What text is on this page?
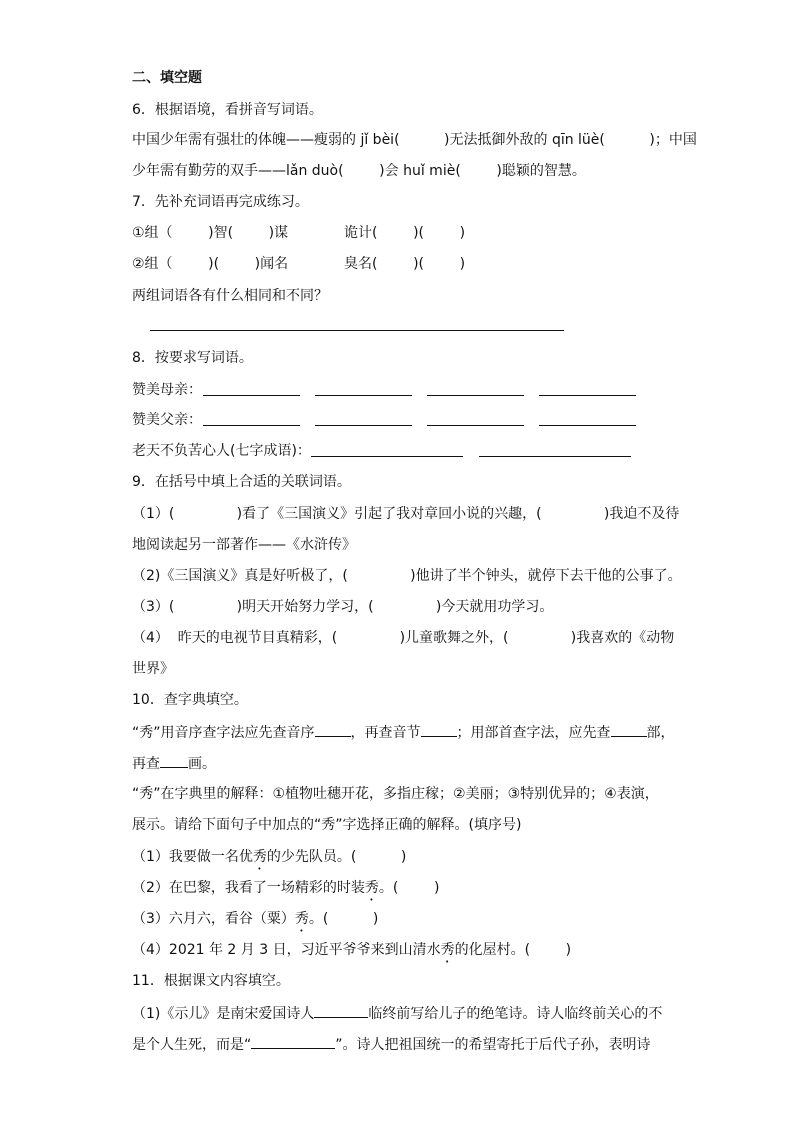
二、填空题
6．根据语境，看拼音写词语。
中国少年需有强壮的体魄——瘦弱的 jǐ bèi(          )无法抵御外敌的 qīn lüè(          )；中国
少年需有勤劳的双手——lǎn duò(        )会 huǐ miè(        )聪颖的智慧。
7．先补充词语再完成练习。
①组（        )智(        )谋	诡计(        )(        )
②组（        )(        )闻名	臭名(        )(        )
两组词语各有什么相同和不同？
8．按要求写词语。
赞美母亲：
赞美父亲：
老天不负苦心人(七字成语)：
9．在括号中填上合适的关联词语。
（1）(              )看了《三国演义》引起了我对章回小说的兴趣，(              )我迫不及待
地阅读起另一部著作——《水浒传》
（2)《三国演义》真是好听极了，(              )他讲了半个钟头，就停下去干他的公事了。
（3）(              )明天开始努力学习，(              )今天就用功学习。
（4）  昨天的电视节目真精彩，(              )儿童歌舞之外，(              )我喜欢的《动物
世界》
10．查字典填空。
“秀”用音序查字法应先查音序	，再查音节	；用部首查字法，应先查	部，
再查 画。
“秀”在字典里的解释：①植物吐穗开花，多指庄稼；②美丽；③特别优异的；④表演，
展示。请给下面句子中加点的“秀”字选择正确的解释。(填序号)
（1）我要做一名优秀的少先队员。(          )
（2）在巴黎，我看了一场精彩的时装秀。(        )
（3）六月六，看谷（粟）秀。(          )
（4）2021 年 2 月 3 日，习近平爷爷来到山清水秀的化屋村。(        )
11．根据课文内容填空。
（1)《示儿》是南宋爱国诗人	临终前写给儿子的绝笔诗。诗人临终前关心的不
是个人生死，而是“	”。诗人把祖国统一的希望寄托于后代子孙，表明诗
